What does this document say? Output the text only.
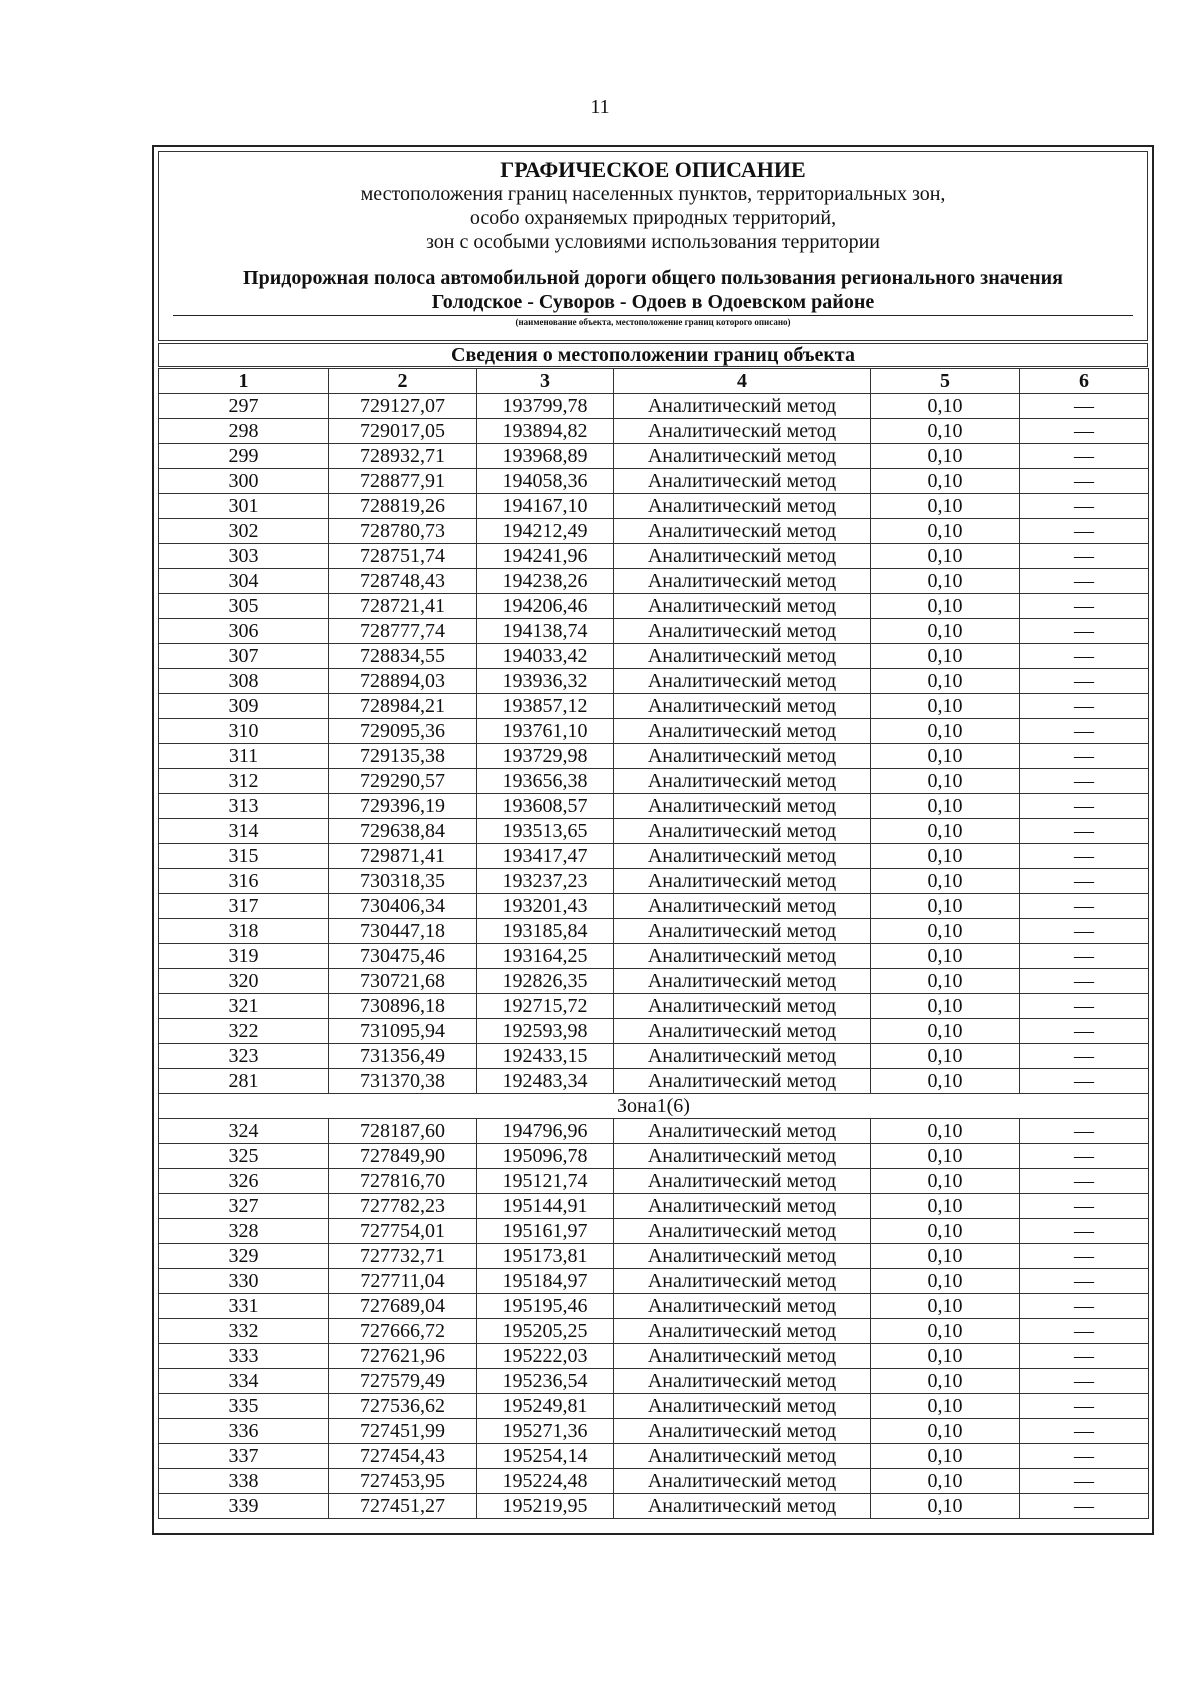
11
ГРАФИЧЕСКОЕ ОПИСАНИЕ
местоположения границ населенных пунктов, территориальных зон,
особо охраняемых природных территорий,
зон с особыми условиями использования территории
Придорожная полоса автомобильной дороги общего пользования регионального значения
Голодское - Суворов - Одоев в Одоевском районе
(наименование объекта, местоположение границ которого описано)
Сведения о местоположении границ объекта
1	2	3	4	5	6
297	729127,07	193799,78	Аналитический метод	0,10	—
298	729017,05	193894,82	Аналитический метод	0,10	—
299	728932,71	193968,89	Аналитический метод	0,10	—
300	728877,91	194058,36	Аналитический метод	0,10	—
301	728819,26	194167,10	Аналитический метод	0,10	—
302	728780,73	194212,49	Аналитический метод	0,10	—
303	728751,74	194241,96	Аналитический метод	0,10	—
304	728748,43	194238,26	Аналитический метод	0,10	—
305	728721,41	194206,46	Аналитический метод	0,10	—
306	728777,74	194138,74	Аналитический метод	0,10	—
307	728834,55	194033,42	Аналитический метод	0,10	—
308	728894,03	193936,32	Аналитический метод	0,10	—
309	728984,21	193857,12	Аналитический метод	0,10	—
310	729095,36	193761,10	Аналитический метод	0,10	—
311	729135,38	193729,98	Аналитический метод	0,10	—
312	729290,57	193656,38	Аналитический метод	0,10	—
313	729396,19	193608,57	Аналитический метод	0,10	—
314	729638,84	193513,65	Аналитический метод	0,10	—
315	729871,41	193417,47	Аналитический метод	0,10	—
316	730318,35	193237,23	Аналитический метод	0,10	—
317	730406,34	193201,43	Аналитический метод	0,10	—
318	730447,18	193185,84	Аналитический метод	0,10	—
319	730475,46	193164,25	Аналитический метод	0,10	—
320	730721,68	192826,35	Аналитический метод	0,10	—
321	730896,18	192715,72	Аналитический метод	0,10	—
322	731095,94	192593,98	Аналитический метод	0,10	—
323	731356,49	192433,15	Аналитический метод	0,10	—
281	731370,38	192483,34	Аналитический метод	0,10	—
Зона1(6)					
324	728187,60	194796,96	Аналитический метод	0,10	—
325	727849,90	195096,78	Аналитический метод	0,10	—
326	727816,70	195121,74	Аналитический метод	0,10	—
327	727782,23	195144,91	Аналитический метод	0,10	—
328	727754,01	195161,97	Аналитический метод	0,10	—
329	727732,71	195173,81	Аналитический метод	0,10	—
330	727711,04	195184,97	Аналитический метод	0,10	—
331	727689,04	195195,46	Аналитический метод	0,10	—
332	727666,72	195205,25	Аналитический метод	0,10	—
333	727621,96	195222,03	Аналитический метод	0,10	—
334	727579,49	195236,54	Аналитический метод	0,10	—
335	727536,62	195249,81	Аналитический метод	0,10	—
336	727451,99	195271,36	Аналитический метод	0,10	—
337	727454,43	195254,14	Аналитический метод	0,10	—
338	727453,95	195224,48	Аналитический метод	0,10	—
339	727451,27	195219,95	Аналитический метод	0,10	—
